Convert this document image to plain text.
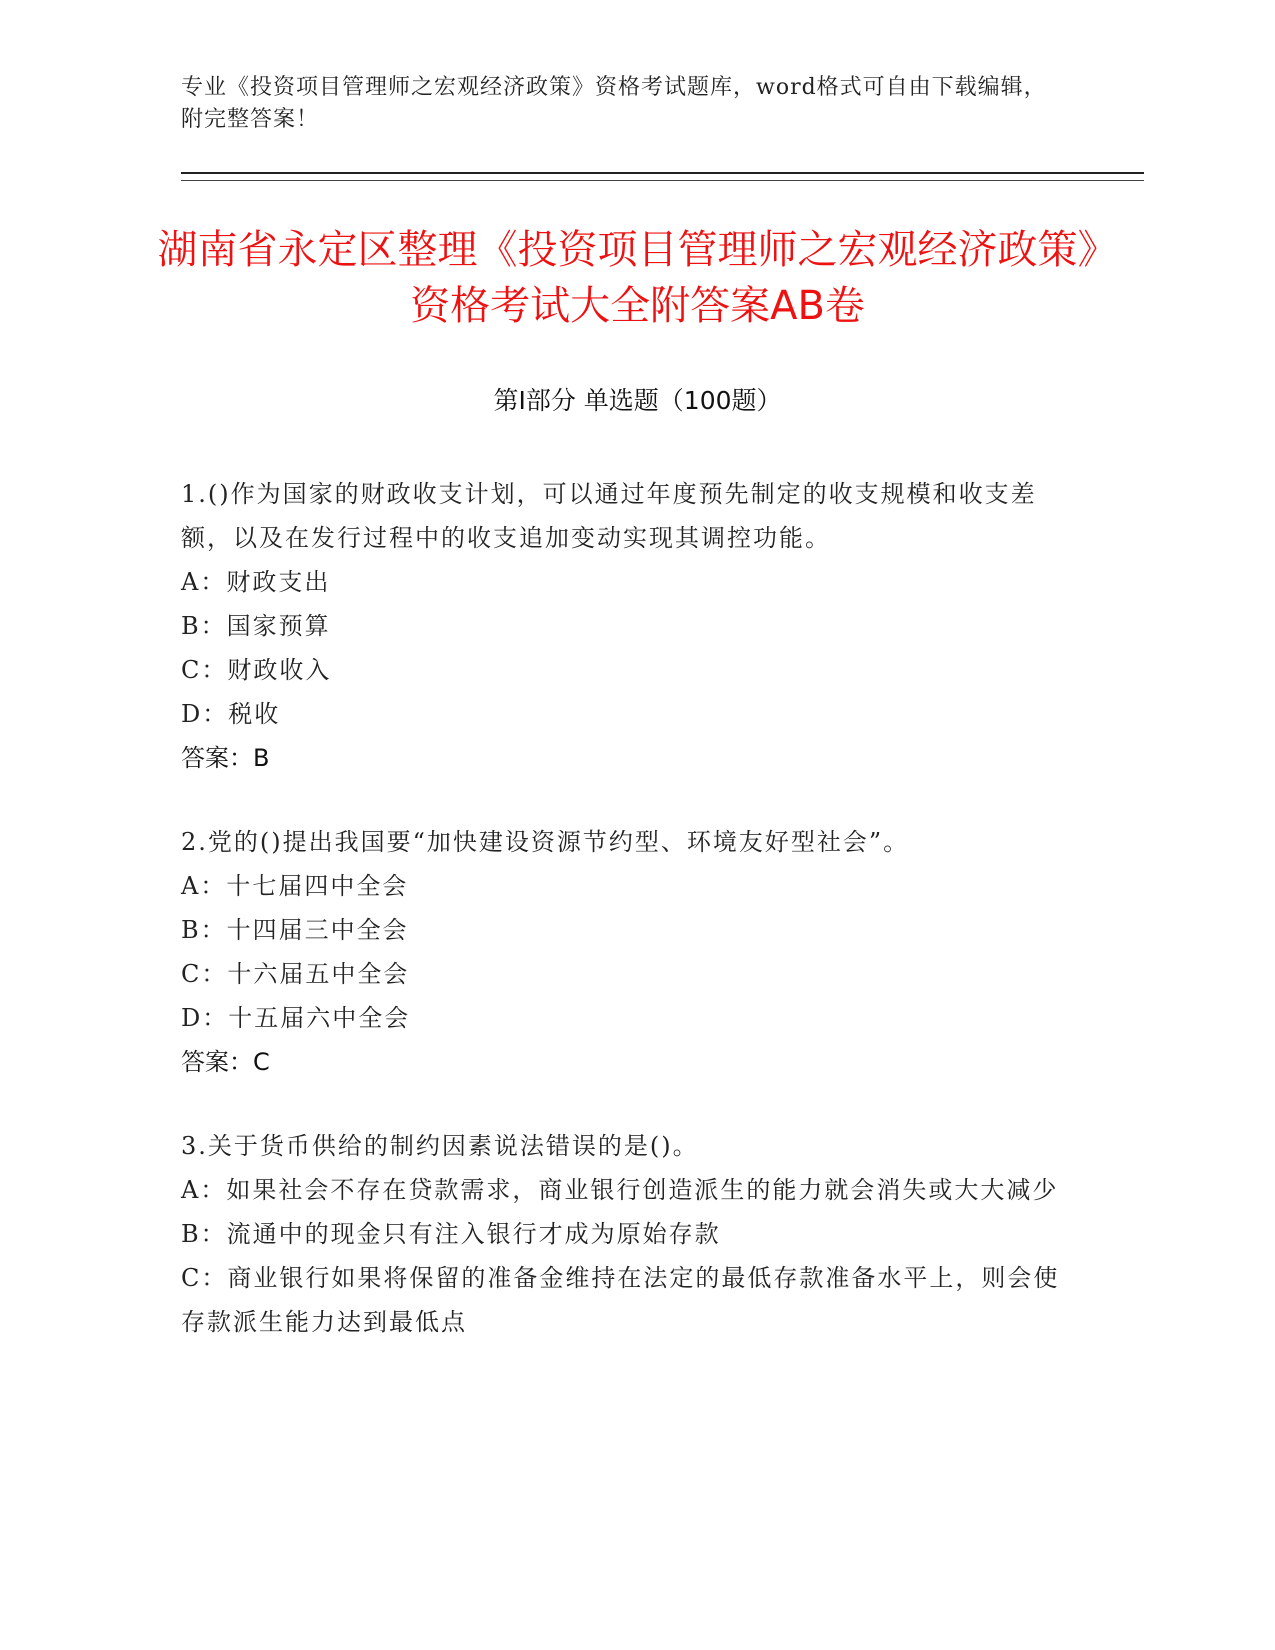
专业《投资项目管理师之宏观经济政策》资格考试题库，word格式可自由下载编辑，附完整答案！
湖南省永定区整理《投资项目管理师之宏观经济政策》资格考试大全附答案AB卷
第I部分 单选题（100题）

1.()作为国家的财政收支计划，可以通过年度预先制定的收支规模和收支差额，以及在发行过程中的收支追加变动实现其调控功能。

A：财政支出

B：国家预算

C：财政收入

D：税收

答案：B

2.党的()提出我国要“加快建设资源节约型、环境友好型社会”。

A：十七届四中全会

B：十四届三中全会

C：十六届五中全会

D：十五届六中全会

答案：C

3.关于货币供给的制约因素说法错误的是()。

A：如果社会不存在贷款需求，商业银行创造派生的能力就会消失或大大减少

B：流通中的现金只有注入银行才成为原始存款

C：商业银行如果将保留的准备金维持在法定的最低存款准备水平上，则会使存款派生能力达到最低点
